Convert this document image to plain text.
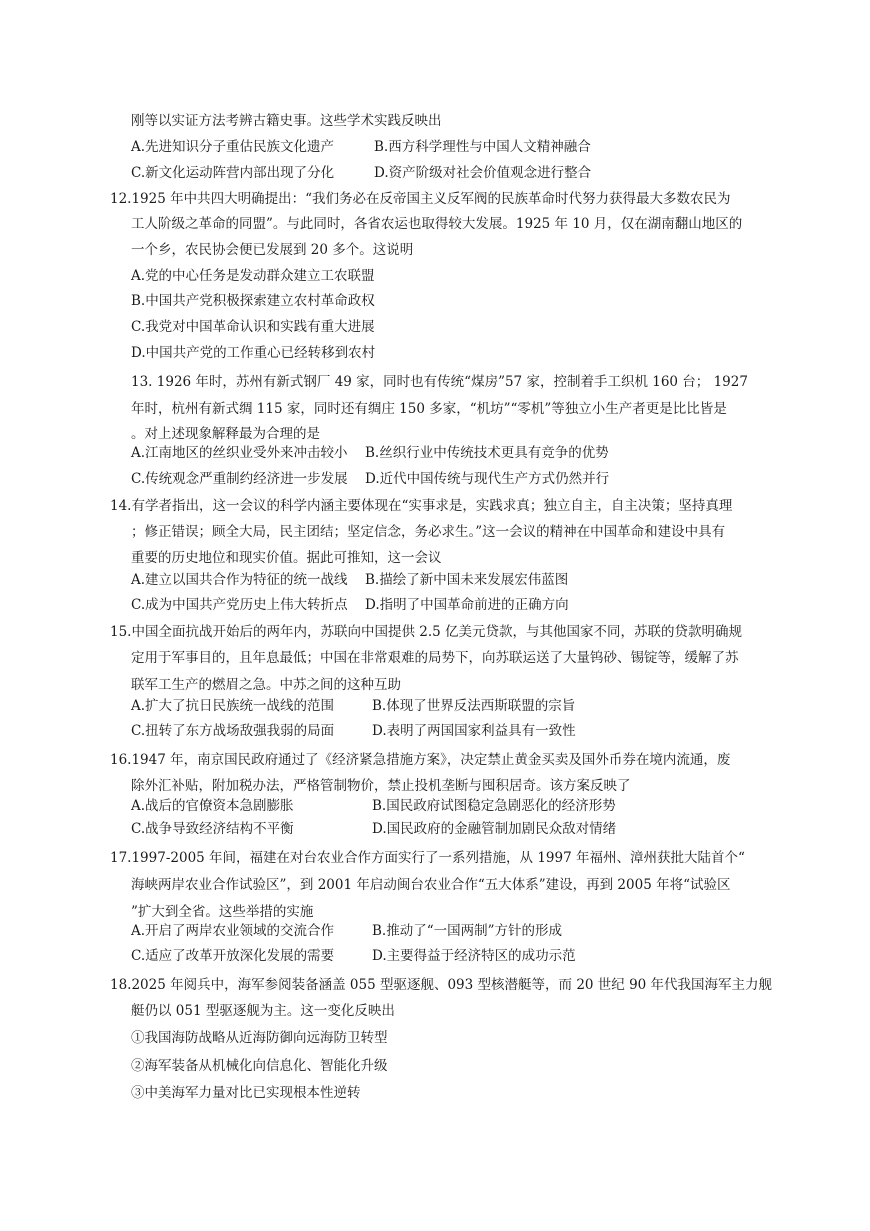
刚等以实证方法考辨古籍史事。这些学术实践反映出
C.新文化运动阵营内部出现了分化	D.资产阶级对社会价值观念进行整合
A.先进知识分子重估民族文化遗产	B.西方科学理性与中国人文精神融合
12.1925 年中共四大明确提出：“我们务必在反帝国主义反军阀的民族革命时代努力获得最大多数农民为
工人阶级之革命的同盟”。与此同时，各省农运也取得较大发展。1925 年 10 月，仅在湖南翻山地区的
一个乡，农民协会便已发展到 20 多个。这说明
A.党的中心任务是发动群众建立工农联盟
B.中国共产党积极探索建立农村革命政权
C.我党对中国革命认识和实践有重大进展
D.中国共产党的工作重心已经转移到农村
13. 1926 年时，苏州有新式钢厂 49 家，同时也有传统“煤房”57 家，控制着手工织机 160 台； 1927
年时，杭州有新式绸 115 家，同时还有绸庄 150 多家，“机坊”“零机”等独立小生产者更是比比皆是
。对上述现象解释最为合理的是
A.江南地区的丝织业受外来冲击较小 B.丝织行业中传统技术更具有竞争的优势
C.传统观念严重制约经济进一步发展 D.近代中国传统与现代生产方式仍然并行
14.有学者指出，这一会议的科学内涵主要体现在“实事求是，实践求真；独立自主，自主决策；坚持真理
；修正错误；顾全大局，民主团结；坚定信念，务必求生。”这一会议的精神在中国革命和建设中具有
重要的历史地位和现实价值。据此可推知，这一会议
A.建立以国共合作为特征的统一战线 B.描绘了新中国未来发展宏伟蓝图
C.成为中国共产党历史上伟大转折点 D.指明了中国革命前进的正确方向
15.中国全面抗战开始后的两年内，苏联向中国提供 2.5 亿美元贷款，与其他国家不同，苏联的贷款明确规
定用于军事目的，且年息最低；中国在非常艰难的局势下，向苏联运送了大量钨砂、锡锭等，缓解了苏
联军工生产的燃眉之急。中苏之间的这种互助
A.扩大了抗日民族统一战线的范围	B.体现了世界反法西斯联盟的宗旨
C.扭转了东方战场敌强我弱的局面	D.表明了两国国家利益具有一致性
16.1947 年，南京国民政府通过了《经济紧急措施方案》，决定禁止黄金买卖及国外币券在境内流通，废
除外汇补贴，附加税办法，严格管制物价，禁止投机垄断与囤积居奇。该方案反映了
A.战后的官僚资本急剧膨胀	B.国民政府试图稳定急剧恶化的经济形势
C.战争导致经济结构不平衡	D.国民政府的金融管制加剧民众敌对情绪
17.1997-2005 年间，福建在对台农业合作方面实行了一系列措施，从 1997 年福州、漳州获批大陆首个“
海峡两岸农业合作试验区”，到 2001 年启动闽台农业合作“五大体系”建设，再到 2005 年将“试验区
”扩大到全省。这些举措的实施
A.开启了两岸农业领域的交流合作	B.推动了“一国两制”方针的形成
C.适应了改革开放深化发展的需要	D.主要得益于经济特区的成功示范
18.2025 年阅兵中，海军参阅装备涵盖 055 型驱逐舰、093 型核潜艇等，而 20 世纪 90 年代我国海军主力舰
艇仍以 051 型驱逐舰为主。这一变化反映出
①我国海防战略从近海防御向远海防卫转型
②海军装备从机械化向信息化、智能化升级
③中美海军力量对比已实现根本性逆转
